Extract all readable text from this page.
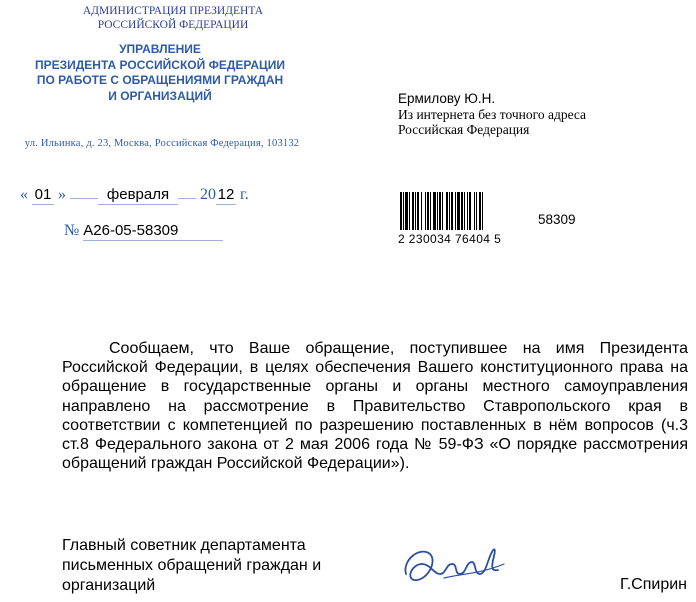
АДМИНИСТРАЦИЯ ПРЕЗИДЕНТА
РОССИЙСКОЙ ФЕДЕРАЦИИ
УПРАВЛЕНИЕ
ПРЕЗИДЕНТА РОССИЙСКОЙ ФЕДЕРАЦИИ
ПО РАБОТЕ С ОБРАЩЕНИЯМИ ГРАЖДАН
И ОРГАНИЗАЦИЙ
ул. Ильинка, д. 23, Москва, Российская Федерация, 103132
« 01 »	февраля 20 12 г.
№ А26-05-58309
Ермилову Ю.Н.
Из интернета без точного адреса
Российская Федерация
2 230034 76404 5
58309

Сообщаем, что Ваше обращение, поступившее на имя Президента Российской Федерации, в целях обеспечения Вашего конституционного права на обращение в государственные органы и органы местного самоуправления направлено на рассмотрение в Правительство Ставропольского края в соответствии с компетенцией по разрешению поставленных в нём вопросов (ч.3 ст.8 Федерального закона от 2 мая 2006 года № 59-ФЗ «О порядке рассмотрения обращений граждан Российской Федерации»).

Главный советник департамента
письменных обращений граждан и
организаций	Г.Спирин
